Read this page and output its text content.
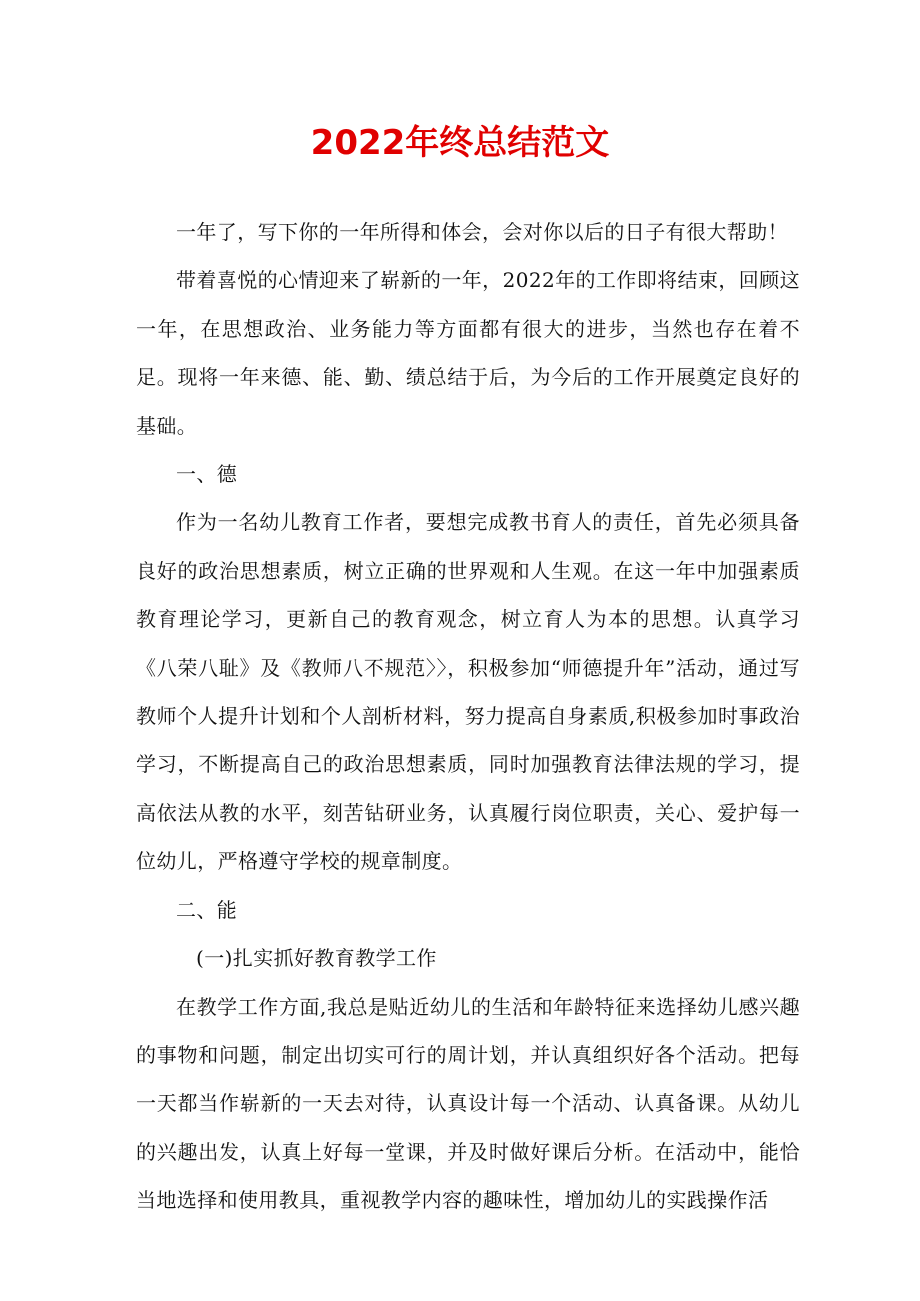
2022年终总结范文

一年了，写下你的一年所得和体会，会对你以后的日子有很大帮助！

带着喜悦的心情迎来了崭新的一年，2022年的工作即将结束，回顾这一年，在思想政治、业务能力等方面都有很大的进步，当然也存在着不足。现将一年来德、能、勤、绩总结于后，为今后的工作开展奠定良好的基础。

一、德

作为一名幼儿教育工作者，要想完成教书育人的责任，首先必须具备良好的政治思想素质，树立正确的世界观和人生观。在这一年中加强素质教育理论学习，更新自己的教育观念，树立育人为本的思想。认真学习《八荣八耻》及《教师八不规范〉〉，积极参加“师德提升年”活动，通过写教师个人提升计划和个人剖析材料，努力提高自身素质,积极参加时事政治学习，不断提高自己的政治思想素质，同时加强教育法律法规的学习，提高依法从教的水平，刻苦钻研业务，认真履行岗位职责，关心、爱护每一位幼儿，严格遵守学校的规章制度。

二、能

(一)扎实抓好教育教学工作

在教学工作方面,我总是贴近幼儿的生活和年龄特征来选择幼儿感兴趣的事物和问题，制定出切实可行的周计划，并认真组织好各个活动。把每一天都当作崭新的一天去对待，认真设计每一个活动、认真备课。从幼儿的兴趣出发，认真上好每一堂课，并及时做好课后分析。在活动中，能恰当地选择和使用教具，重视教学内容的趣味性，增加幼儿的实践操作活
